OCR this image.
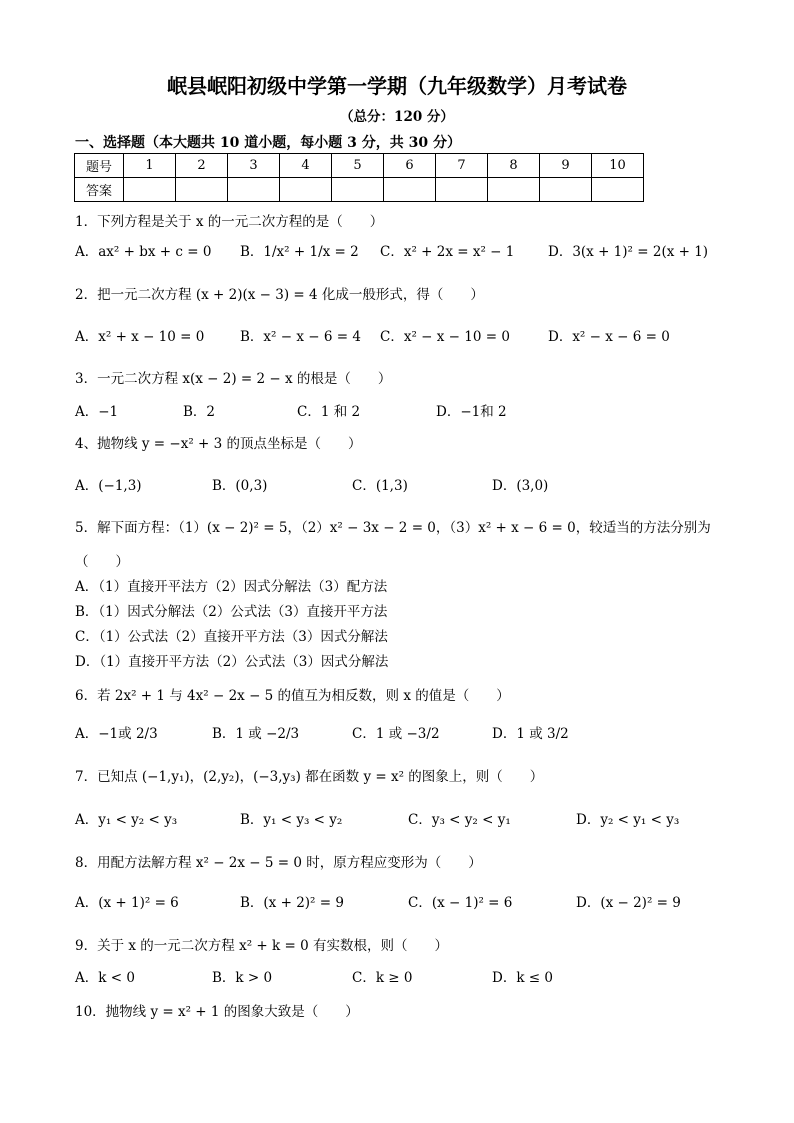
岷县岷阳初级中学第一学期（九年级数学）月考试卷
（总分：120 分）
一、选择题（本大题共 10 道小题，每小题 3 分，共 30 分）
题号	1	2	3	4	5	6	7	8	9	10
答案										
1．下列方程是关于 x 的一元二次方程的是（　　）
A．ax² + bx + c = 0 B．1/x² + 1/x = 2 C．x² + 2x = x² − 1 D．3(x + 1)² = 2(x + 1)
2．把一元二次方程 (x + 2)(x − 3) = 4 化成一般形式，得（　　）
A．x² + x − 10 = 0	B．x² − x − 6 = 4 C．x² − x − 10 = 0	D．x² − x − 6 = 0
3．一元二次方程 x(x − 2) = 2 − x 的根是（　　）
A．−1	B．2	C．1 和 2	D．−1和 2
4、抛物线 y = −x² + 3 的顶点坐标是（　　）
A．(−1,3)	B．(0,3)	C．(1,3)	D．(3,0)
5．解下面方程：（1）(x − 2)² = 5，（2）x² − 3x − 2 = 0，（3）x² + x − 6 = 0，较适当的方法分别为
（　　）
A．（1）直接开平法方（2）因式分解法（3）配方法
B．（1）因式分解法（2）公式法（3）直接开平方法
C．（1）公式法（2）直接开平方法（3）因式分解法
D．（1）直接开平方法（2）公式法（3）因式分解法
6．若 2x² + 1 与 4x² − 2x − 5 的值互为相反数，则 x 的值是（　　）
A．−1或 2/3	B．1 或 −2/3	C．1 或 −3/2	D．1 或 3/2
7．已知点 (−1,y₁)，(2,y₂)，(−3,y₃) 都在函数 y = x² 的图象上，则（　　）
A．y₁ < y₂ < y₃	B．y₁ < y₃ < y₂	C．y₃ < y₂ < y₁	D．y₂ < y₁ < y₃
8．用配方法解方程 x² − 2x − 5 = 0 时，原方程应变形为（　　）
A．(x + 1)² = 6	B．(x + 2)² = 9	C．(x − 1)² = 6	D．(x − 2)² = 9
9．关于 x 的一元二次方程 x² + k = 0 有实数根，则（　　）
A．k < 0	B．k > 0	C．k ≥ 0	D．k ≤ 0
10．抛物线 y = x² + 1 的图象大致是（　　）
